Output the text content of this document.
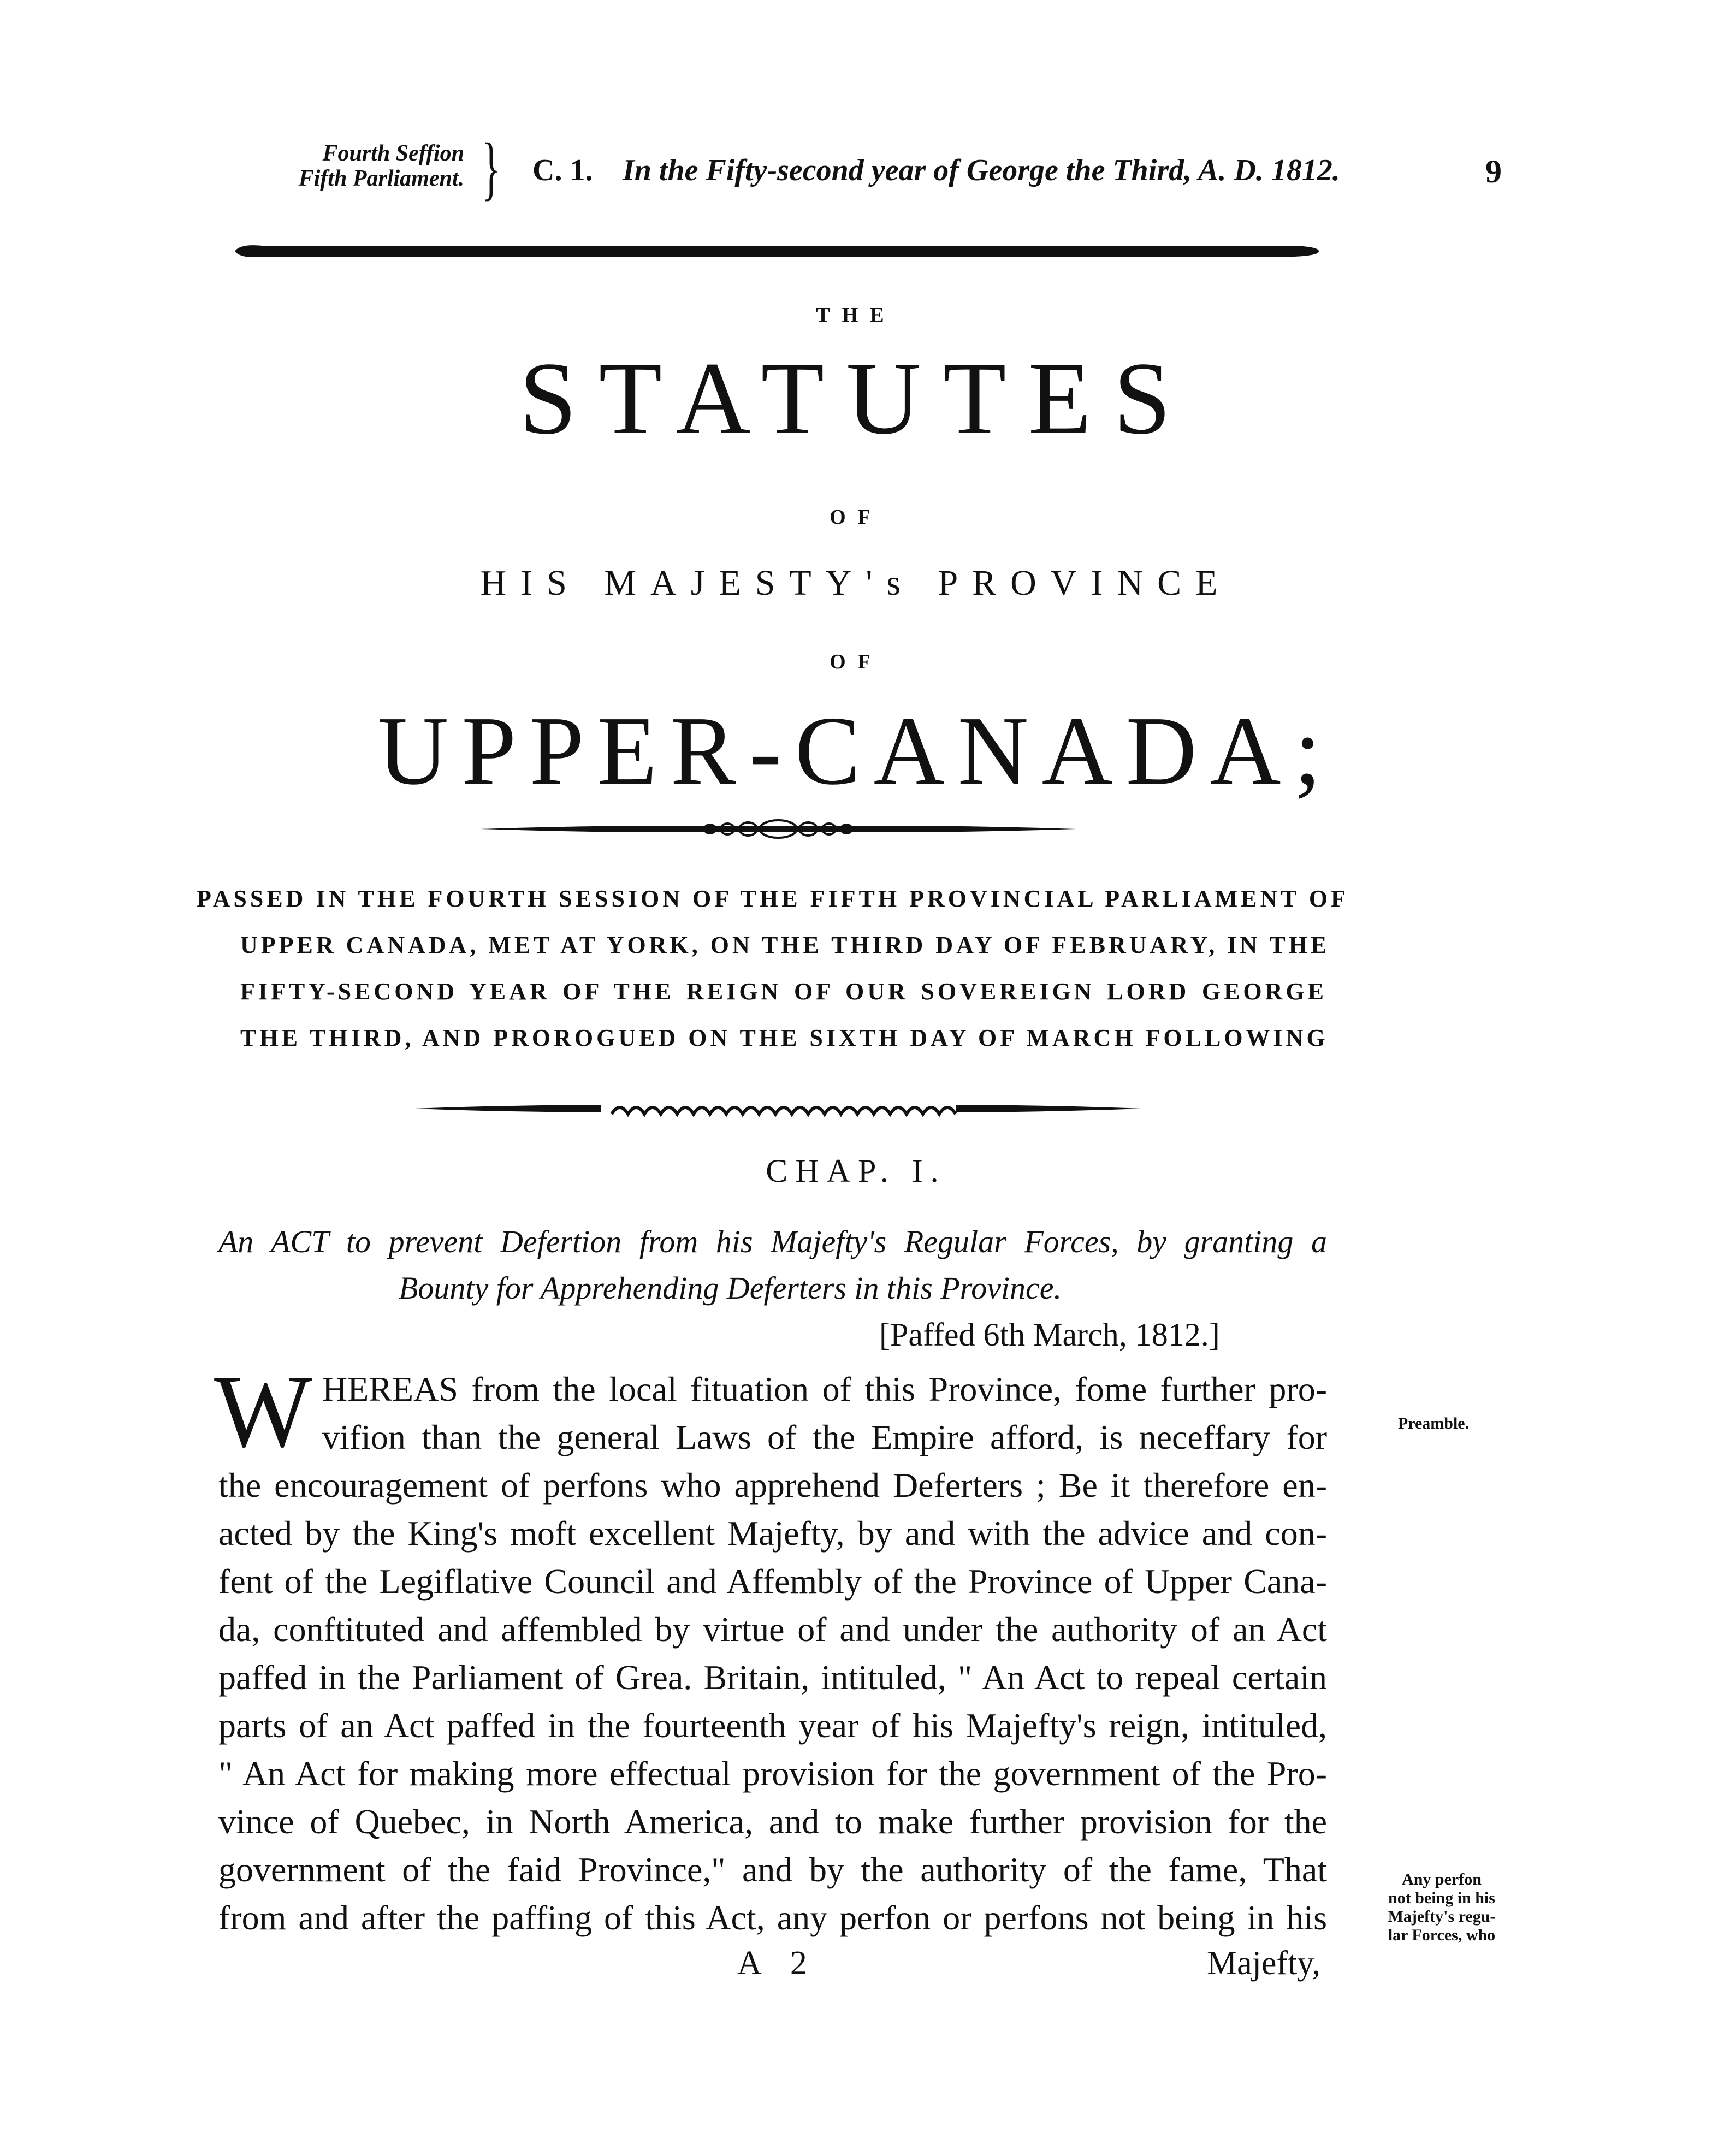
Fourth Seffion
Fifth Parliament. } C. 1. In the Fifty-second year of George the Third, A. D. 1812.	9
THE
STATUTES
OF
HIS MAJESTY's PROVINCE
OF
UPPER-CANADA;
PASSED IN THE FOURTH SESSION OF THE FIFTH PROVINCIAL PARLIAMENT OF
UPPER CANADA, MET AT YORK, ON THE THIRD DAY OF FEBRUARY, IN THE
FIFTY-SECOND YEAR OF THE REIGN OF OUR SOVEREIGN LORD GEORGE
THE THIRD, AND PROROGUED ON THE SIXTH DAY OF MARCH FOLLOWING
CHAP. I.
An ACT to prevent Defertion from his Majefty's Regular Forces, by granting a
Bounty for Apprehending Deferters in this Province.
[Paffed 6th March, 1812.]
W HEREAS from the local fituation of this Province, fome further pro-
vifion than the general Laws of the Empire afford, is neceffary for
the encouragement of perfons who apprehend Deferters ; Be it therefore en-
acted by the King's moft excellent Majefty, by and with the advice and con-
fent of the Legiflative Council and Affembly of the Province of Upper Cana-
da, conftituted and affembled by virtue of and under the authority of an Act
paffed in the Parliament of Grea. Britain, intituled, " An Act to repeal certain
parts of an Act paffed in the fourteenth year of his Majefty's reign, intituled,
" An Act for making more effectual provision for the government of the Pro-
vince of Quebec, in North America, and to make further provision for the
government of the faid Province," and by the authority of the fame, That
from and after the paffing of this Act, any perfon or perfons not being in his
A 2	Majefty,
Preamble.
Any perfon
not being in his
Majefty's regu-
lar Forces, who
